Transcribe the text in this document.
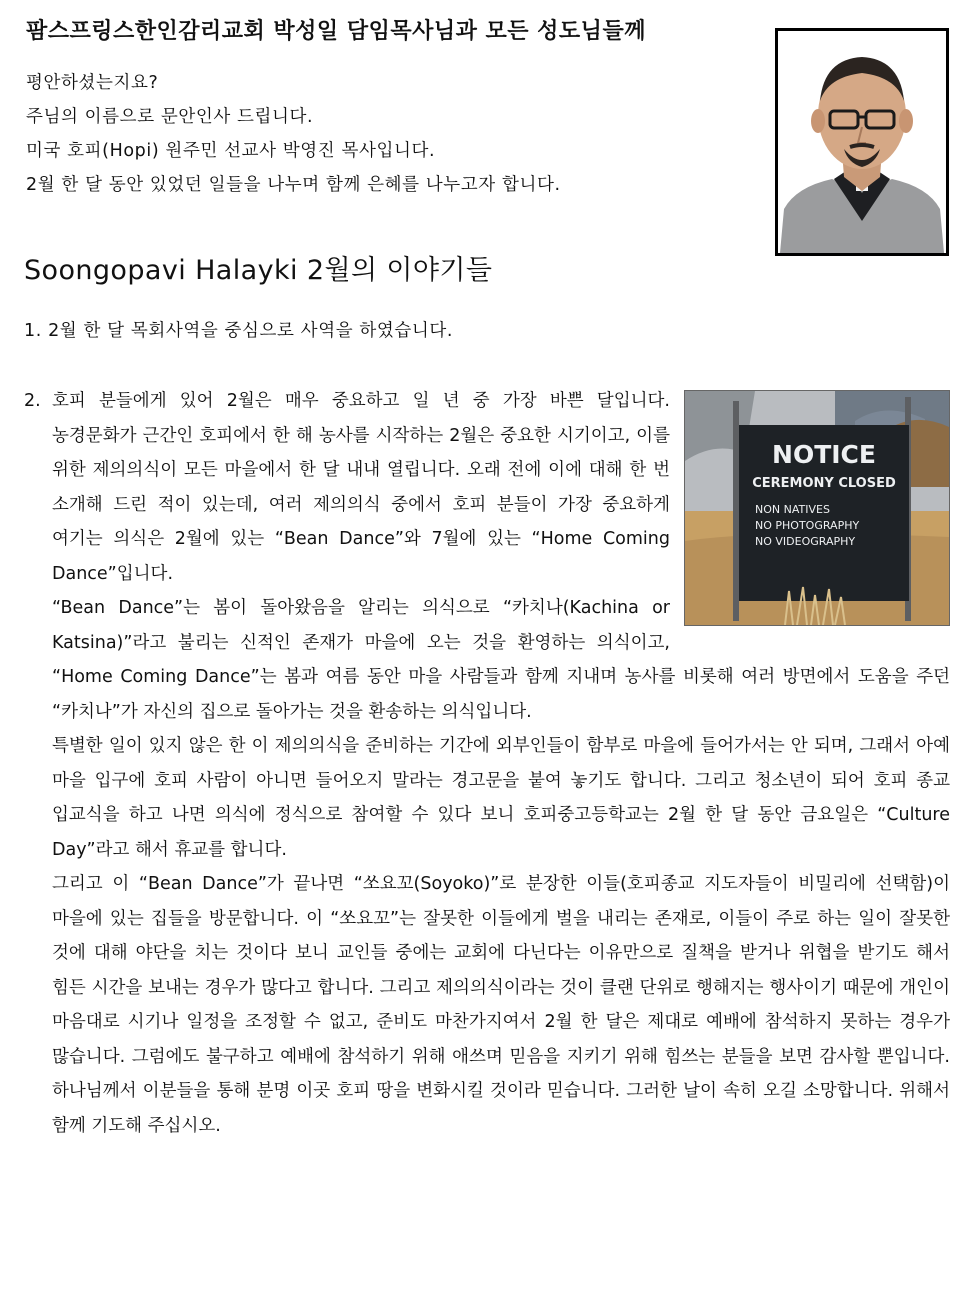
팜스프링스한인감리교회 박성일 담임목사님과 모든 성도님들께
평안하셨는지요?
주님의 이름으로 문안인사 드립니다.
미국 호피(Hopi) 원주민 선교사 박영진 목사입니다.
2월 한 달 동안 있었던 일들을 나누며 함께 은혜를 나누고자 합니다.
Soongopavi Halayki 2월의 이야기들
1. 2월 한 달 목회사역을 중심으로 사역을 하였습니다.
2.
NOTICE
CEREMONY CLOSED
NON NATIVES
NO PHOTOGRAPHY
NO VIDEOGRAPHY

호피 분들에게 있어 2월은 매우 중요하고 일 년 중 가장 바쁜 달입니다. 농경문화가 근간인 호피에서 한 해 농사를 시작하는 2월은 중요한 시기이고, 이를 위한 제의의식이 모든 마을에서 한 달 내내 열립니다. 오래 전에 이에 대해 한 번 소개해 드린 적이 있는데, 여러 제의의식 중에서 호피 분들이 가장 중요하게 여기는 의식은 2월에 있는 “Bean Dance”와 7월에 있는 “Home Coming Dance”입니다.

“Bean Dance”는 봄이 돌아왔음을 알리는 의식으로 “카치나(Kachina or Katsina)”라고 불리는 신적인 존재가 마을에 오는 것을 환영하는 의식이고, “Home Coming Dance”는 봄과 여름 동안 마을 사람들과 함께 지내며 농사를 비롯해 여러 방면에서 도움을 주던 “카치나”가 자신의 집으로 돌아가는 것을 환송하는 의식입니다.

특별한 일이 있지 않은 한 이 제의의식을 준비하는 기간에 외부인들이 함부로 마을에 들어가서는 안 되며, 그래서 아예 마을 입구에 호피 사람이 아니면 들어오지 말라는 경고문을 붙여 놓기도 합니다. 그리고 청소년이 되어 호피 종교 입교식을 하고 나면 의식에 정식으로 참여할 수 있다 보니 호피중고등학교는 2월 한 달 동안 금요일은 “Culture Day”라고 해서 휴교를 합니다.

그리고 이 “Bean Dance”가 끝나면 “쏘요꼬(Soyoko)”로 분장한 이들(호피종교 지도자들이 비밀리에 선택함)이 마을에 있는 집들을 방문합니다. 이 “쏘요꼬”는 잘못한 이들에게 벌을 내리는 존재로, 이들이 주로 하는 일이 잘못한 것에 대해 야단을 치는 것이다 보니 교인들 중에는 교회에 다닌다는 이유만으로 질책을 받거나 위협을 받기도 해서 힘든 시간을 보내는 경우가 많다고 합니다. 그리고 제의의식이라는 것이 클랜 단위로 행해지는 행사이기 때문에 개인이 마음대로 시기나 일정을 조정할 수 없고, 준비도 마찬가지여서 2월 한 달은 제대로 예배에 참석하지 못하는 경우가 많습니다. 그럼에도 불구하고 예배에 참석하기 위해 애쓰며 믿음을 지키기 위해 힘쓰는 분들을 보면 감사할 뿐입니다. 하나님께서 이분들을 통해 분명 이곳 호피 땅을 변화시킬 것이라 믿습니다. 그러한 날이 속히 오길 소망합니다. 위해서 함께 기도해 주십시오.
